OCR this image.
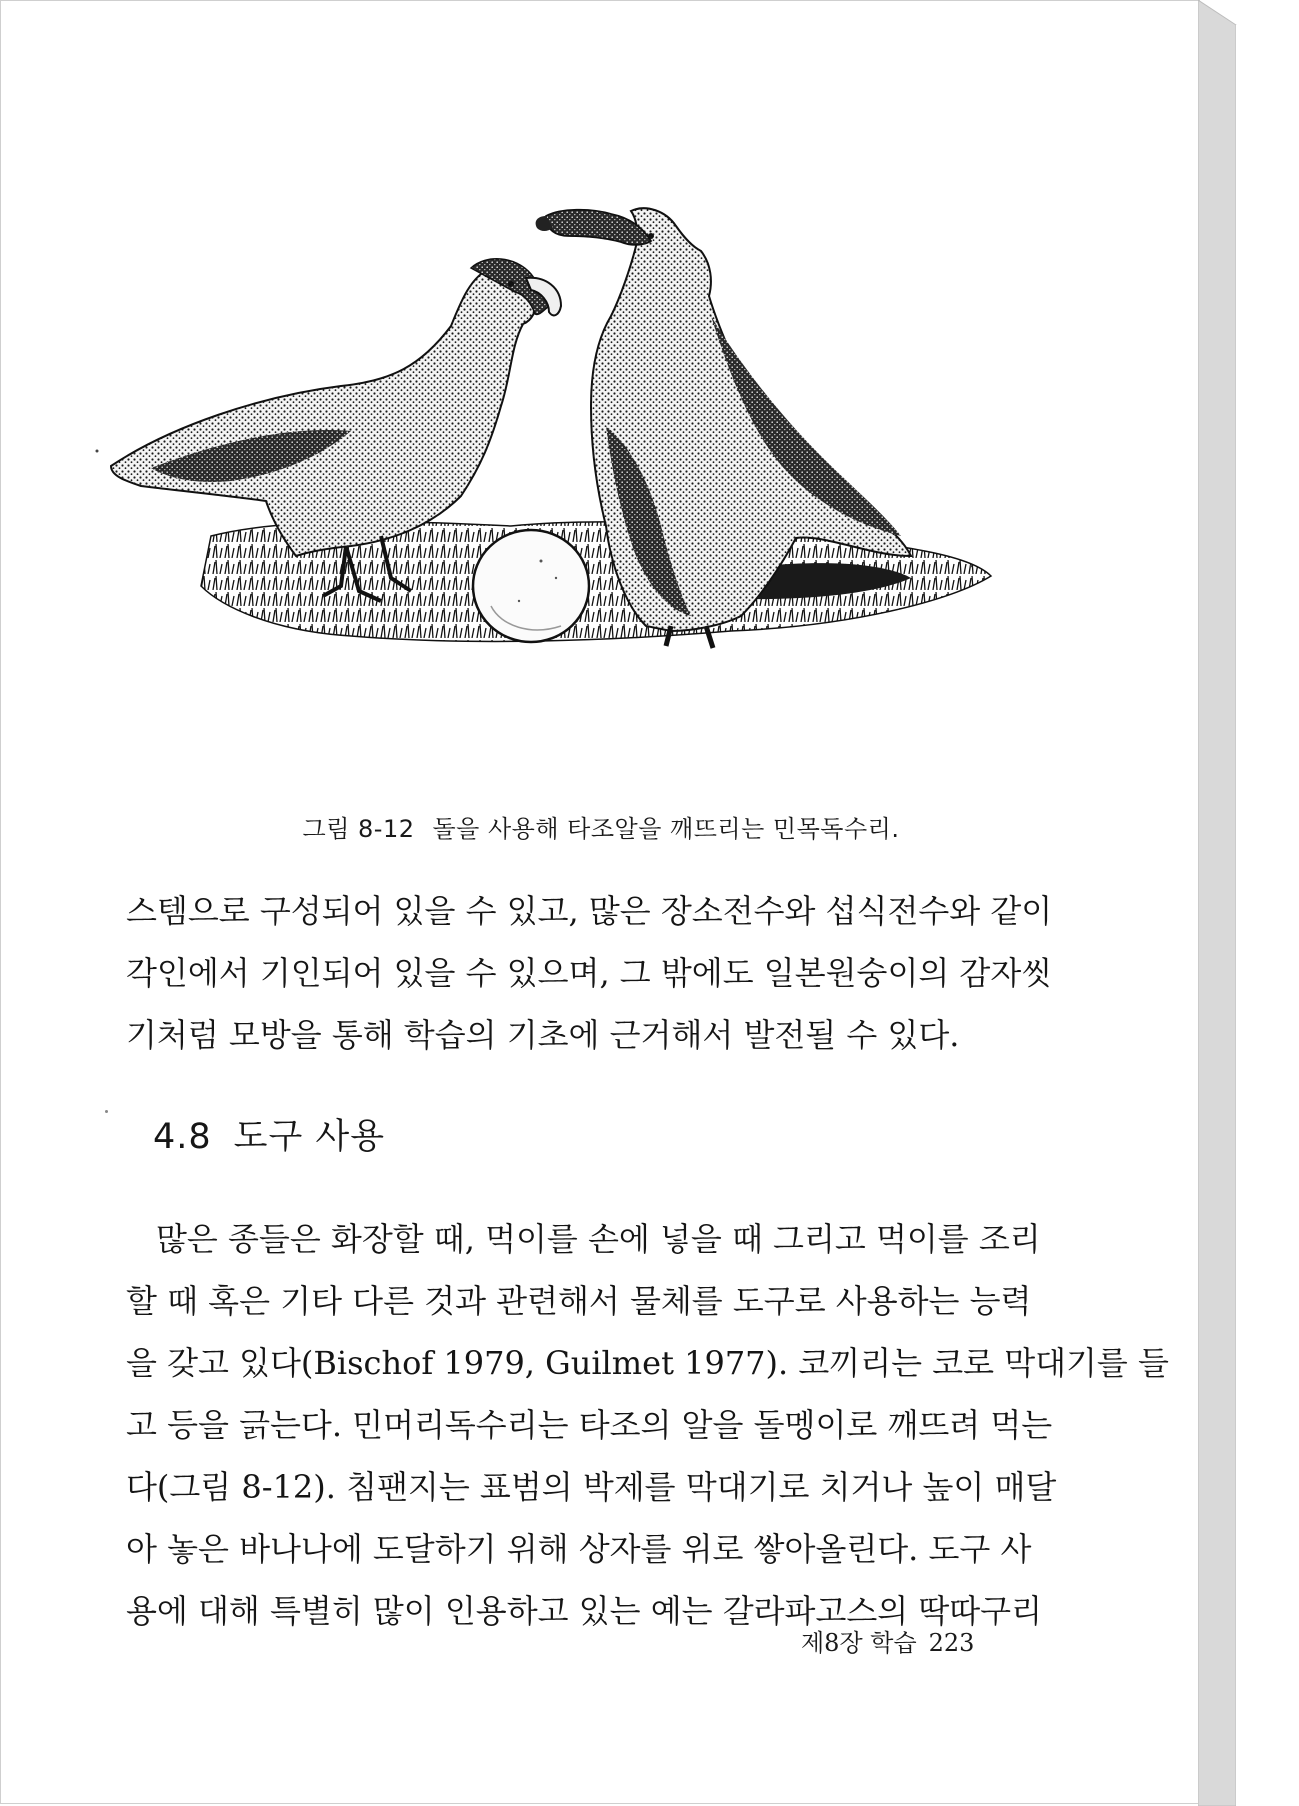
그림 8-12 돌을 사용해 타조알을 깨뜨리는 민목독수리.
스템으로 구성되어 있을 수 있고, 많은 장소전수와 섭식전수와 같이
각인에서 기인되어 있을 수 있으며, 그 밖에도 일본원숭이의 감자씻
기처럼 모방을 통해 학습의 기초에 근거해서 발전될 수 있다.
4.8 도구 사용
많은 종들은 화장할 때, 먹이를 손에 넣을 때 그리고 먹이를 조리
할 때 혹은 기타 다른 것과 관련해서 물체를 도구로 사용하는 능력
을 갖고 있다(Bischof 1979, Guilmet 1977). 코끼리는 코로 막대기를 들
고 등을 긁는다. 민머리독수리는 타조의 알을 돌멩이로 깨뜨려 먹는
다(그림 8-12). 침팬지는 표범의 박제를 막대기로 치거나 높이 매달
아 놓은 바나나에 도달하기 위해 상자를 위로 쌓아올린다. 도구 사
용에 대해 특별히 많이 인용하고 있는 예는 갈라파고스의 딱따구리
제8장 학습 223
